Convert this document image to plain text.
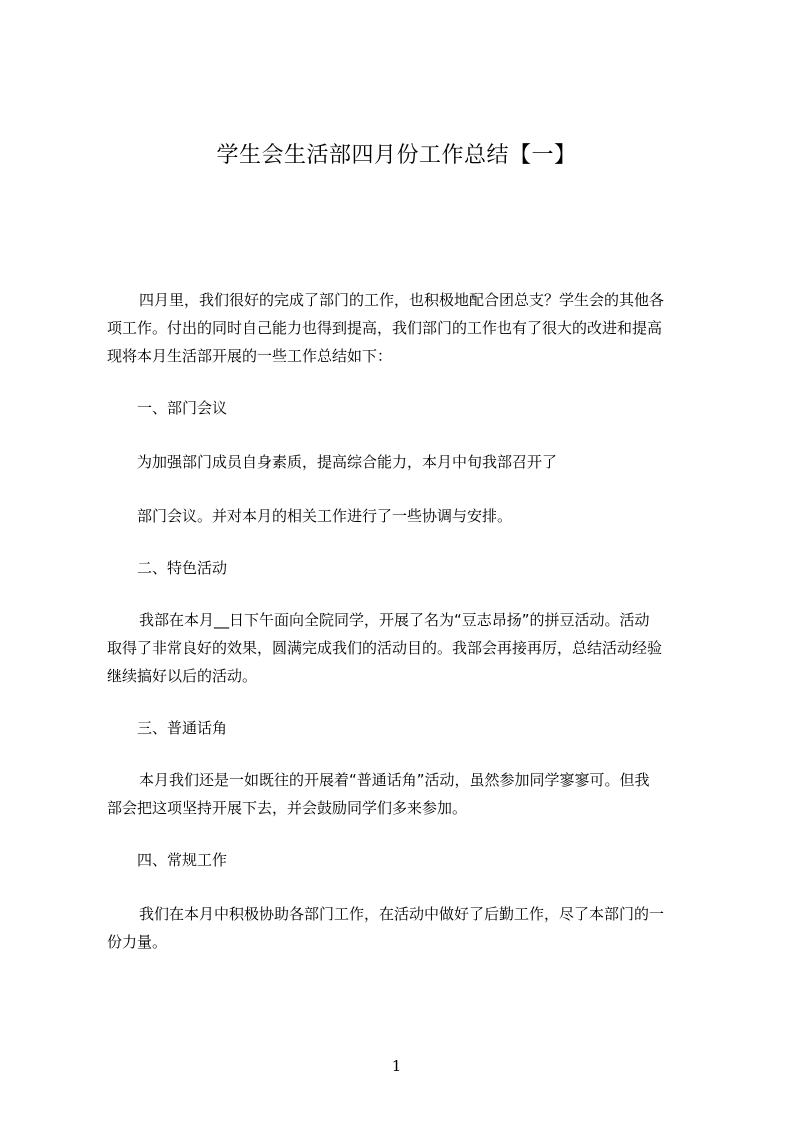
学生会生活部四月份工作总结【一】
四月里，我们很好的完成了部门的工作，也积极地配合团总支？学生会的其他各
项工作。付出的同时自己能力也得到提高，我们部门的工作也有了很大的改进和提高
现将本月生活部开展的一些工作总结如下：
一、部门会议
为加强部门成员自身素质，提高综合能力，本月中旬我部召开了
部门会议。并对本月的相关工作进行了一些协调与安排。
二、特色活动
我部在本月__日下午面向全院同学，开展了名为“豆志昂扬”的拼豆活动。活动
取得了非常良好的效果，圆满完成我们的活动目的。我部会再接再厉，总结活动经验
继续搞好以后的活动。
三、普通话角
本月我们还是一如既往的开展着“普通话角”活动，虽然参加同学寥寥可。但我
部会把这项坚持开展下去，并会鼓励同学们多来参加。
四、常规工作
我们在本月中积极协助各部门工作，在活动中做好了后勤工作，尽了本部门的一
份力量。
1
